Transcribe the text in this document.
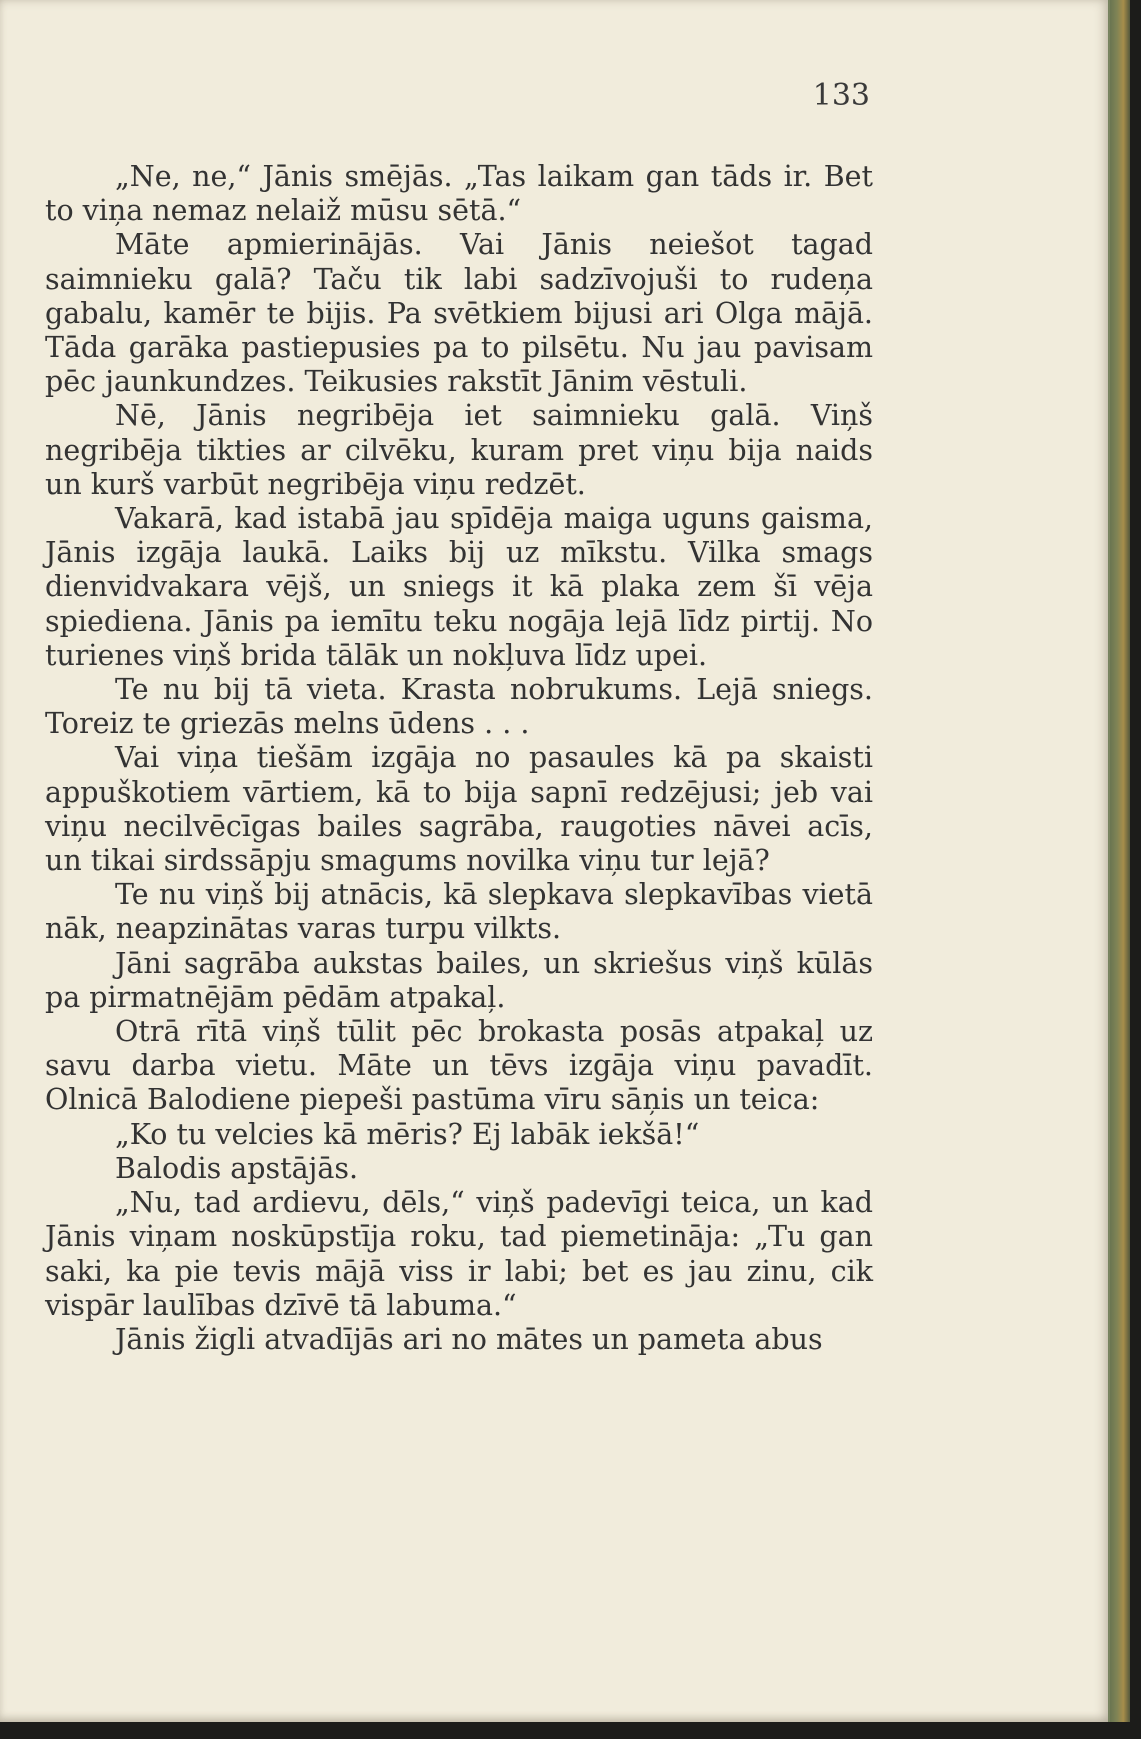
133

„Ne, ne,“ Jānis smējās. „Tas laikam gan tāds ir. Bet to viņa nemaz nelaiž mūsu sētā.“

Māte apmierinājās. Vai Jānis neiešot tagad saimnieku galā? Taču tik labi sadzīvojuši to rudeņa gabalu, kamēr te bijis. Pa svētkiem bijusi ari Olga mājā. Tāda garāka pastiepusies pa to pilsētu. Nu jau pavisam pēc jaunkundzes. Teikusies rakstīt Jānim vēstuli.

Nē, Jānis negribēja iet saimnieku galā. Viņš negribēja tikties ar cilvēku, kuram pret viņu bija naids un kurš varbūt negribēja viņu redzēt.

Vakarā, kad istabā jau spīdēja maiga uguns gaisma, Jānis izgāja laukā. Laiks bij uz mīkstu. Vilka smags dienvidvakara vējš, un sniegs it kā plaka zem šī vēja spiediena. Jānis pa iemītu teku nogāja lejā līdz pirtij. No turienes viņš brida tālāk un nokļuva līdz upei.

Te nu bij tā vieta. Krasta nobrukums. Lejā sniegs. Toreiz te griezās melns ūdens . . .

Vai viņa tiešām izgāja no pasaules kā pa skaisti appuškotiem vārtiem, kā to bija sapnī redzējusi; jeb vai viņu necilvēcīgas bailes sagrāba, raugoties nāvei acīs, un tikai sirdssāpju smagums novilka viņu tur lejā?

Te nu viņš bij atnācis, kā slepkava slepkavības vietā nāk, neapzinātas varas turpu vilkts.

Jāni sagrāba aukstas bailes, un skriešus viņš kūlās pa pirmatnējām pēdām atpakaļ.

Otrā rītā viņš tūlit pēc brokasta posās atpakaļ uz savu darba vietu. Māte un tēvs izgāja viņu pavadīt. Olnicā Balodiene piepeši pastūma vīru sāņis un teica:

„Ko tu velcies kā mēris? Ej labāk iekšā!“

Balodis apstājās.

„Nu, tad ardievu, dēls,“ viņš padevīgi teica, un kad Jānis viņam noskūpstīja roku, tad piemetināja: „Tu gan saki, ka pie tevis mājā viss ir labi; bet es jau zinu, cik vispār laulības dzīvē tā labuma.“

Jānis žigli atvadījās ari no mātes un pameta abus
